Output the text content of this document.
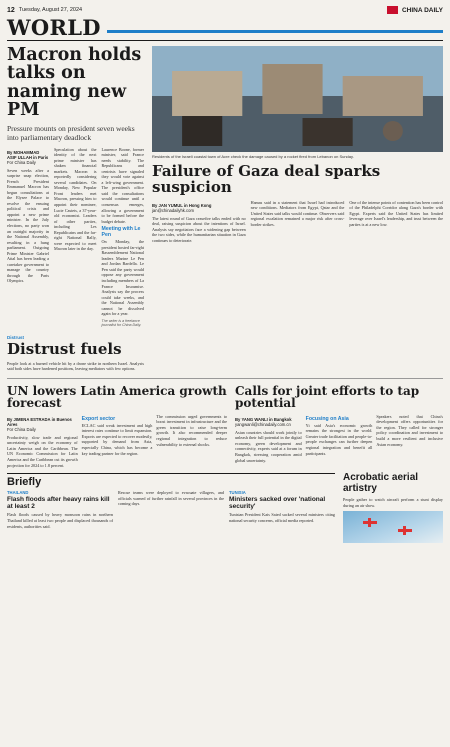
12 Tuesday, August 27, 2024	CHINA DAILY
WORLD
Macron holds talks on naming new PM
Pressure mounts on president seven weeks into parliamentary deadlock
By MOHAMMAD ASIF ULLAH in Paris
For China Daily
Seven weeks after a surprise snap election, French President Emmanuel Macron has begun consultations at the Elysee Palace to resolve the ensuing political crisis and appoint a new prime minister. In the July elections, no party won an outright majority in the National Assembly, resulting in a hung parliament. Outgoing Prime Minister Gabriel Attal has been leading a caretaker government to manage the country through the Paris Olympics.
Speculation about the identity of the next prime minister has shaken financial markets. Macron is reportedly considering several candidates. On Monday, New Popular Front leaders met Macron, pressing him to appoint their nominee, Lucie Castets, a 37-year-old economist. Leaders of other parties, including Les Republicains and the far-right National Rally, were expected to meet Macron later in the day.
Laurence Boone, former minister, said France needs stability. The Republicans and centrists have signaled they would vote against a left-wing government. The president's office said the consultations would continue until a consensus emerges, allowing a government to be formed before the budget debate.
Meeting with Le Pen
On Monday, the president hosted far-right Rassemblement National leaders Marine Le Pen and Jordan Bardella. Le Pen said the party would oppose any government including members of La France Insoumise. Analysts say the process could take weeks, and the National Assembly cannot be dissolved again for a year.
The writer is a freelance journalist for China Daily.
Residents of the Israeli coastal town of Acre check the damage caused by a rocket fired from Lebanon on Sunday.
Failure of Gaza deal sparks suspicion
By JAN YUMUL in Hong Kong
jan@chinadailyhk.com
The latest round of Gaza ceasefire talks ended with no deal, raising suspicion about the intentions of Israel. Analysts say negotiators face a widening gap between the two sides, while the humanitarian situation in Gaza continues to deteriorate.
Hamas said in a statement that Israel had introduced new conditions. Mediators from Egypt, Qatar and the United States said talks would continue. Observers said regional escalation remained a major risk after cross-border strikes.
One of the intense points of contention has been control of the Philadelphi Corridor along Gaza's border with Egypt. Experts said the United States has limited leverage over Israel's leadership, and trust between the parties is at a new low.
Distrust
Distrust fuels
People look at a burned vehicle hit by a drone strike in northern Israel. Analysts said both sides have hardened positions, leaving mediators with few options.
UN lowers Latin America growth forecast
By JIMENA ESTRADA in Buenos Aires
For China Daily
Productivity, slow trade and regional uncertainty weigh on the economy of Latin America and the Caribbean. The UN Economic Commission for Latin America and the Caribbean cut its growth projection for 2024 to 1.8 percent.
Export sector
ECLAC said weak investment and high interest rates continue to limit expansion. Exports are expected to recover modestly, supported by demand from Asia, especially China, which has become a key trading partner for the region.
The commission urged governments to boost investment in infrastructure and the green transition to raise long-term growth. It also recommended deeper regional integration to reduce vulnerability to external shocks.
Calls for joint efforts to tap potential
By YANG WANLI in Bangkok
yangwanli@chinadaily.com.cn
Asian countries should work jointly to unleash their full potential in the digital economy, green development and connectivity, experts said at a forum in Bangkok, stressing cooperation amid global uncertainty.
Focusing on Asia
Yi said Asia's economic growth remains the strongest in the world. Greater trade facilitation and people-to-people exchanges can further deepen regional integration and benefit all participants.
Speakers noted that China's development offers opportunities for the region. They called for stronger policy coordination and investment to build a more resilient and inclusive Asian economy.
Briefly
THAILAND
Flash floods after heavy rains kill at least 2
Flash floods caused by heavy monsoon rains in northern Thailand killed at least two people and displaced thousands of residents, authorities said.
Rescue teams were deployed to evacuate villagers, and officials warned of further rainfall in several provinces in the coming days.
TUNISIA
Ministers sacked over 'national security'
Tunisian President Kais Saied sacked several ministers citing national security concerns, official media reported.
Acrobatic aerial artistry
People gather to watch aircraft perform a stunt display during an air show.
